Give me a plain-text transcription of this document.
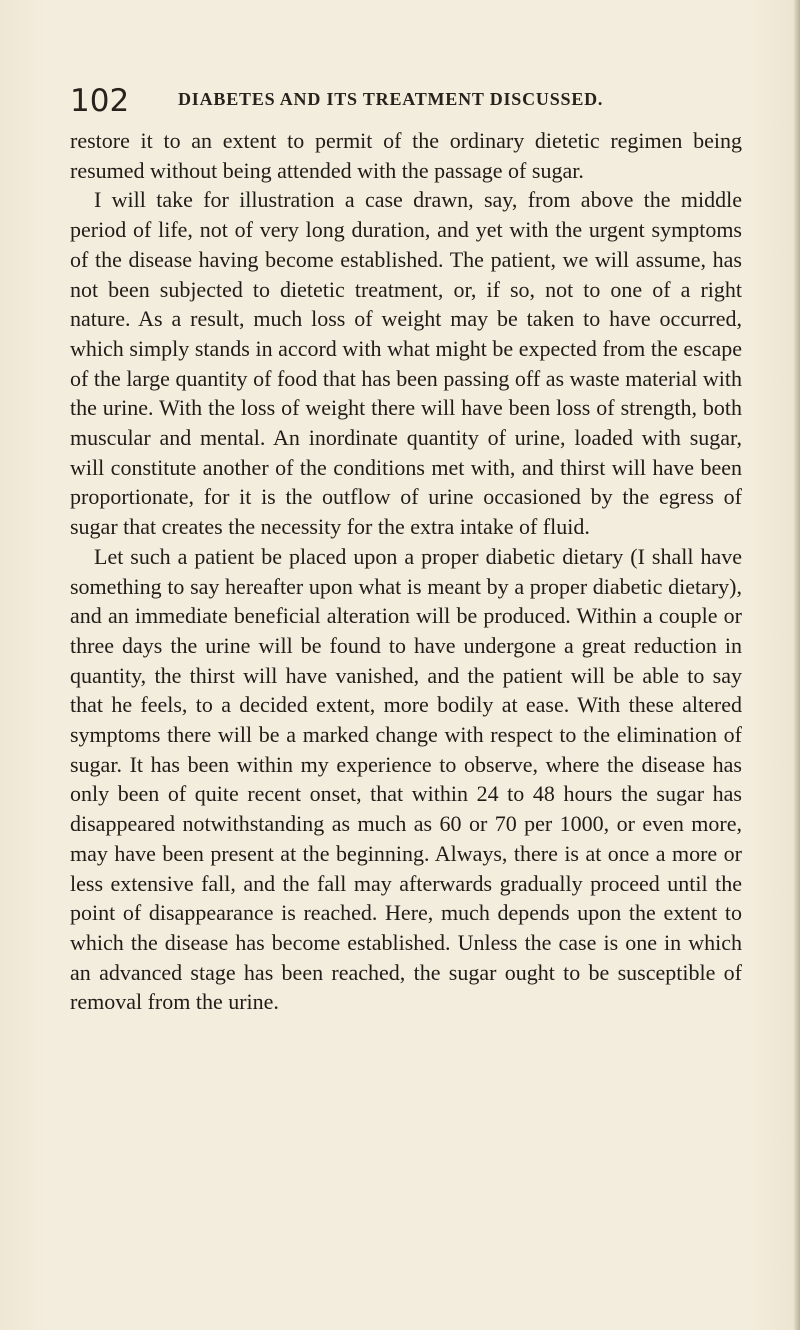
102	DIABETES AND ITS TREATMENT DISCUSSED.

restore it to an extent to permit of the ordinary dietetic regimen being resumed without being attended with the passage of sugar.

I will take for illustration a case drawn, say, from above the middle period of life, not of very long duration, and yet with the urgent symptoms of the disease having become established. The patient, we will assume, has not been subjected to dietetic treatment, or, if so, not to one of a right nature. As a result, much loss of weight may be taken to have occurred, which simply stands in accord with what might be expected from the escape of the large quantity of food that has been passing off as waste material with the urine. With the loss of weight there will have been loss of strength, both muscular and mental. An inordinate quantity of urine, loaded with sugar, will constitute another of the conditions met with, and thirst will have been proportionate, for it is the outflow of urine occasioned by the egress of sugar that creates the necessity for the extra intake of fluid.

Let such a patient be placed upon a proper diabetic dietary (I shall have something to say hereafter upon what is meant by a proper diabetic dietary), and an immediate beneficial alteration will be produced. Within a couple or three days the urine will be found to have undergone a great reduction in quantity, the thirst will have vanished, and the patient will be able to say that he feels, to a decided extent, more bodily at ease. With these altered symptoms there will be a marked change with respect to the elimination of sugar. It has been within my experience to observe, where the disease has only been of quite recent onset, that within 24 to 48 hours the sugar has disappeared notwithstanding as much as 60 or 70 per 1000, or even more, may have been present at the beginning. Always, there is at once a more or less extensive fall, and the fall may afterwards gradually proceed until the point of disappearance is reached. Here, much depends upon the extent to which the disease has become established. Unless the case is one in which an advanced stage has been reached, the sugar ought to be susceptible of removal from the urine.
